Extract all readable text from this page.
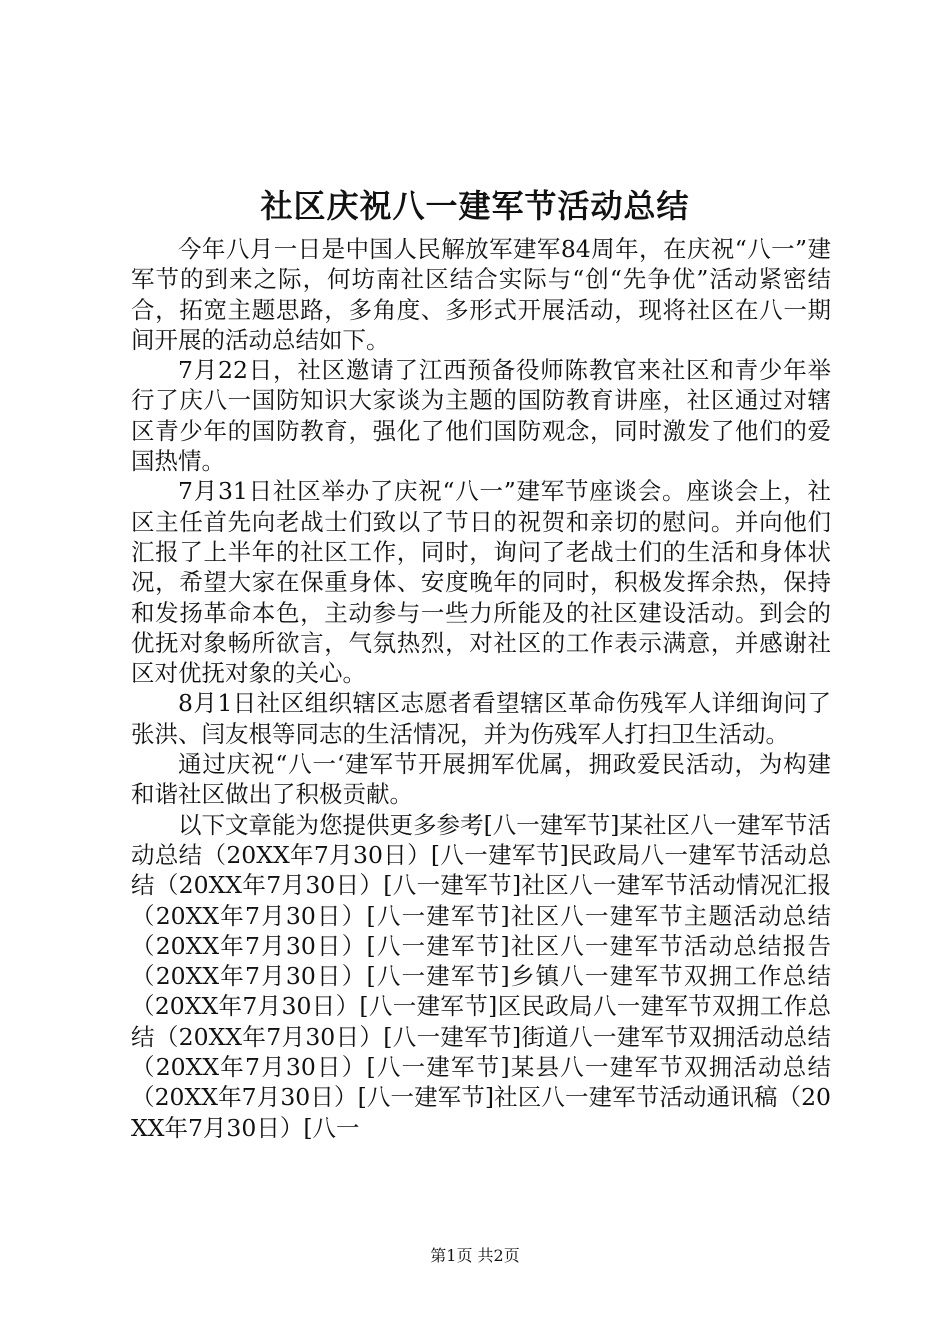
社区庆祝八一建军节活动总结

今年八月一日是中国人民解放军建军84周年，在庆祝“八一”建军节的到来之际，何坊南社区结合实际与“创“先争优”活动紧密结合，拓宽主题思路，多角度、多形式开展活动，现将社区在八一期间开展的活动总结如下。

7月22日，社区邀请了江西预备役师陈教官来社区和青少年举行了庆八一国防知识大家谈为主题的国防教育讲座，社区通过对辖区青少年的国防教育，强化了他们国防观念，同时激发了他们的爱国热情。

7月31日社区举办了庆祝“八一”建军节座谈会。座谈会上，社区主任首先向老战士们致以了节日的祝贺和亲切的慰问。并向他们汇报了上半年的社区工作，同时，询问了老战士们的生活和身体状况，希望大家在保重身体、安度晚年的同时，积极发挥余热，保持和发扬革命本色，主动参与一些力所能及的社区建设活动。到会的优抚对象畅所欲言，气氛热烈，对社区的工作表示满意，并感谢社区对优抚对象的关心。

8月1日社区组织辖区志愿者看望辖区革命伤残军人详细询问了张洪、闫友根等同志的生活情况，并为伤残军人打扫卫生活动。

通过庆祝“八一‘建军节开展拥军优属，拥政爱民活动，为构建和谐社区做出了积极贡献。

以下文章能为您提供更多参考[八一建军节]某社区八一建军节活动总结（20XX年7月30日）[八一建军节]民政局八一建军节活动总结（20XX年7月30日）[八一建军节]社区八一建军节活动情况汇报（20XX年7月30日）[八一建军节]社区八一建军节主题活动总结（20XX年7月30日）[八一建军节]社区八一建军节活动总结报告（20XX年7月30日）[八一建军节]乡镇八一建军节双拥工作总结（20XX年7月30日）[八一建军节]区民政局八一建军节双拥工作总结（20XX年7月30日）[八一建军节]街道八一建军节双拥活动总结（20XX年7月30日）[八一建军节]某县八一建军节双拥活动总结（20XX年7月30日）[八一建军节]社区八一建军节活动通讯稿（20XX年7月30日）[八一

第1页 共2页
